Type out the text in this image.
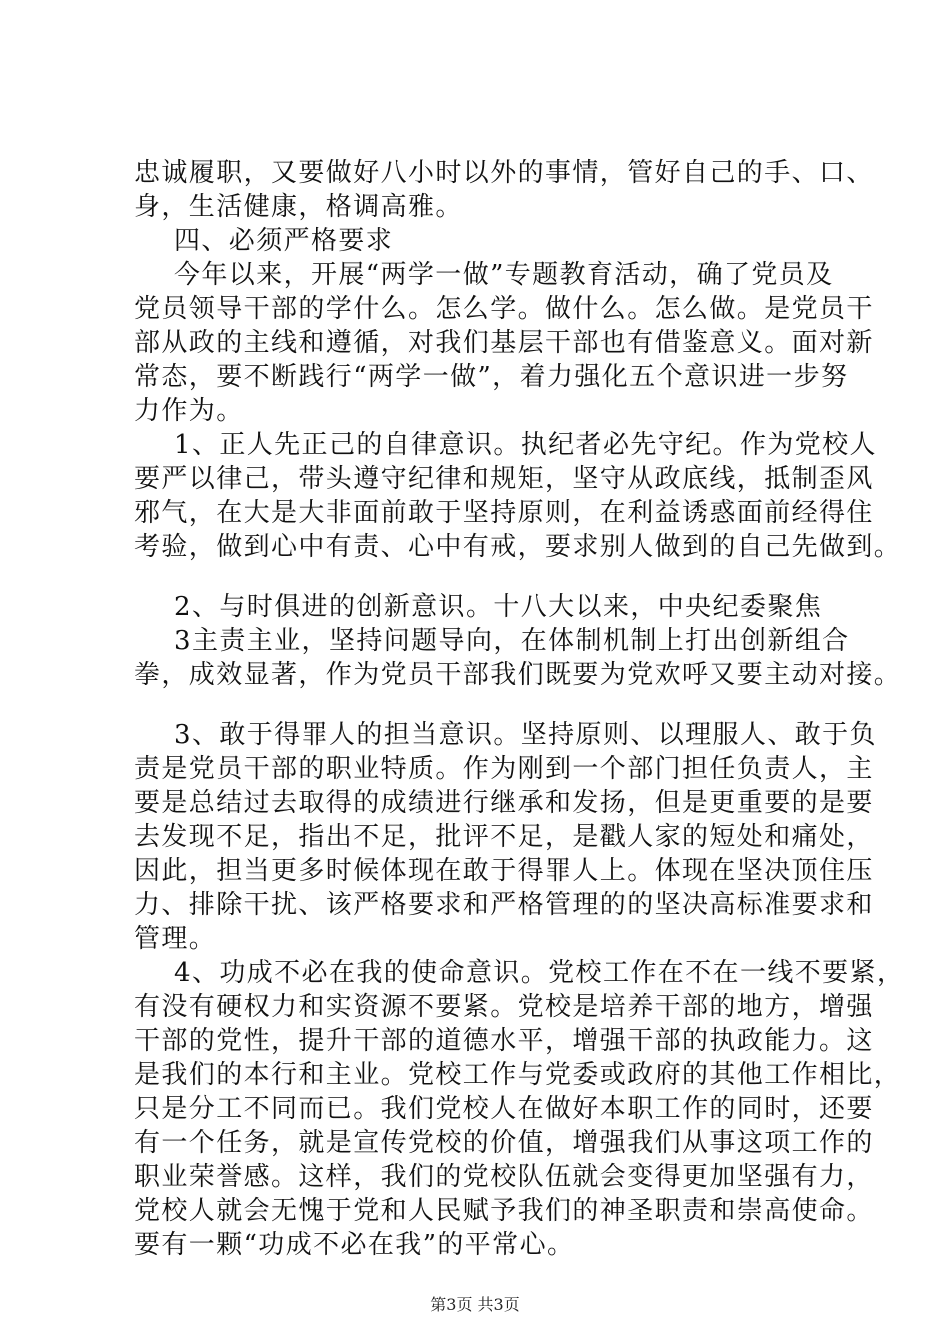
忠诚履职，又要做好八小时以外的事情，管好自己的手、口、
身，生活健康，格调高雅。
四、必须严格要求
今年以来，开展“两学一做”专题教育活动，确了党员及
党员领导干部的学什么。怎么学。做什么。怎么做。是党员干
部从政的主线和遵循，对我们基层干部也有借鉴意义。面对新
常态，要不断践行“两学一做”，着力强化五个意识进一步努
力作为。
1、正人先正己的自律意识。执纪者必先守纪。作为党校人
要严以律己，带头遵守纪律和规矩，坚守从政底线，抵制歪风
邪气，在大是大非面前敢于坚持原则，在利益诱惑面前经得住
考验，做到心中有责、心中有戒，要求别人做到的自己先做到。
2、与时俱进的创新意识。十八大以来，中央纪委聚焦
3主责主业，坚持问题导向，在体制机制上打出创新组合
拳，成效显著，作为党员干部我们既要为党欢呼又要主动对接。
3、敢于得罪人的担当意识。坚持原则、以理服人、敢于负
责是党员干部的职业特质。作为刚到一个部门担任负责人，主
要是总结过去取得的成绩进行继承和发扬，但是更重要的是要
去发现不足，指出不足，批评不足，是戳人家的短处和痛处，
因此，担当更多时候体现在敢于得罪人上。体现在坚决顶住压
力、排除干扰、该严格要求和严格管理的的坚决高标准要求和
管理。
4、功成不必在我的使命意识。党校工作在不在一线不要紧，
有没有硬权力和实资源不要紧。党校是培养干部的地方，增强
干部的党性，提升干部的道德水平，增强干部的执政能力。这
是我们的本行和主业。党校工作与党委或政府的其他工作相比，
只是分工不同而已。我们党校人在做好本职工作的同时，还要
有一个任务，就是宣传党校的价值，增强我们从事这项工作的
职业荣誉感。这样，我们的党校队伍就会变得更加坚强有力，
党校人就会无愧于党和人民赋予我们的神圣职责和崇高使命。
要有一颗“功成不必在我”的平常心。
第3页 共3页
